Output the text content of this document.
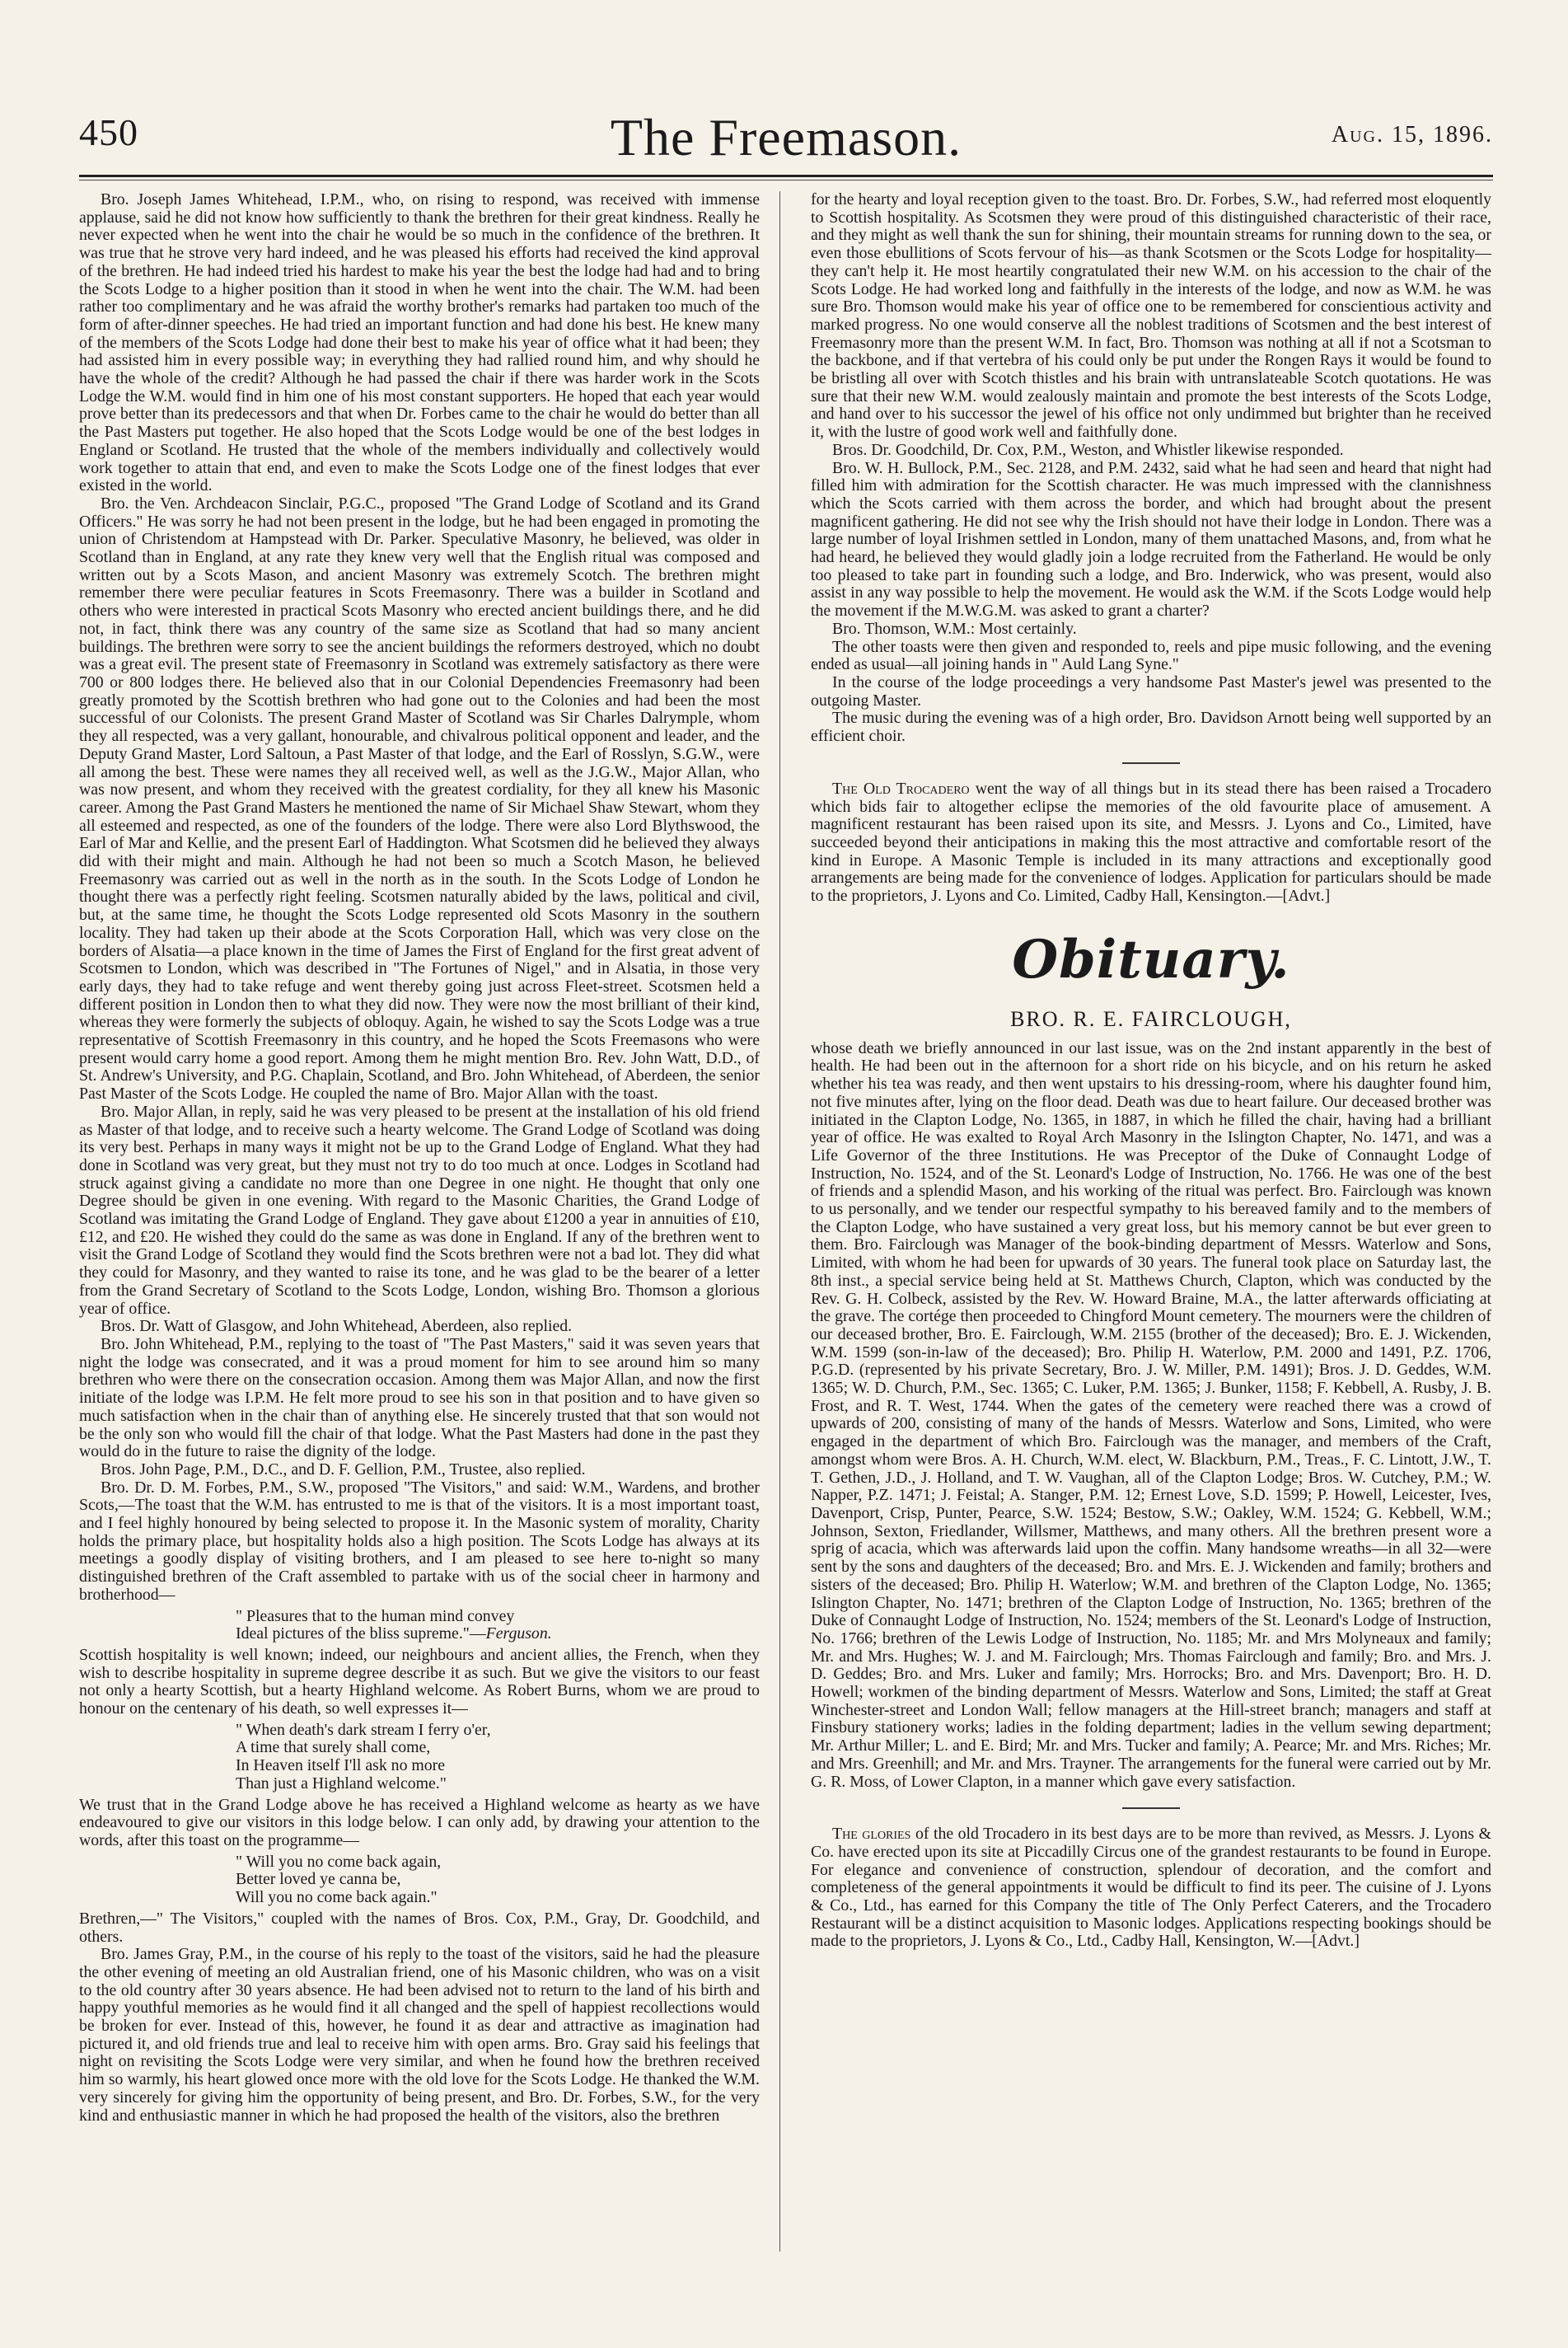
450	The Freemason.	Aug. 15, 1896.

Bro. Joseph James Whitehead, I.P.M., who, on rising to respond, was received with immense applause, said he did not know how sufficiently to thank the brethren for their great kindness. Really he never expected when he went into the chair he would be so much in the confidence of the brethren. It was true that he strove very hard indeed, and he was pleased his efforts had received the kind approval of the brethren. He had indeed tried his hardest to make his year the best the lodge had had and to bring the Scots Lodge to a higher position than it stood in when he went into the chair. The W.M. had been rather too complimentary and he was afraid the worthy brother's remarks had partaken too much of the form of after-dinner speeches. He had tried an important function and had done his best. He knew many of the members of the Scots Lodge had done their best to make his year of office what it had been; they had assisted him in every possible way; in everything they had rallied round him, and why should he have the whole of the credit? Although he had passed the chair if there was harder work in the Scots Lodge the W.M. would find in him one of his most constant supporters. He hoped that each year would prove better than its predecessors and that when Dr. Forbes came to the chair he would do better than all the Past Masters put together. He also hoped that the Scots Lodge would be one of the best lodges in England or Scotland. He trusted that the whole of the members individually and collectively would work together to attain that end, and even to make the Scots Lodge one of the finest lodges that ever existed in the world.

Bro. the Ven. Archdeacon Sinclair, P.G.C., proposed "The Grand Lodge of Scotland and its Grand Officers." He was sorry he had not been present in the lodge, but he had been engaged in promoting the union of Christendom at Hampstead with Dr. Parker. Speculative Masonry, he believed, was older in Scotland than in England, at any rate they knew very well that the English ritual was composed and written out by a Scots Mason, and ancient Masonry was extremely Scotch. The brethren might remember there were peculiar features in Scots Freemasonry. There was a builder in Scotland and others who were interested in practical Scots Masonry who erected ancient buildings there, and he did not, in fact, think there was any country of the same size as Scotland that had so many ancient buildings. The brethren were sorry to see the ancient buildings the reformers destroyed, which no doubt was a great evil. The present state of Freemasonry in Scotland was extremely satisfactory as there were 700 or 800 lodges there. He believed also that in our Colonial Dependencies Freemasonry had been greatly promoted by the Scottish brethren who had gone out to the Colonies and had been the most successful of our Colonists. The present Grand Master of Scotland was Sir Charles Dalrymple, whom they all respected, was a very gallant, honourable, and chivalrous political opponent and leader, and the Deputy Grand Master, Lord Saltoun, a Past Master of that lodge, and the Earl of Rosslyn, S.G.W., were all among the best. These were names they all received well, as well as the J.G.W., Major Allan, who was now present, and whom they received with the greatest cordiality, for they all knew his Masonic career. Among the Past Grand Masters he mentioned the name of Sir Michael Shaw Stewart, whom they all esteemed and respected, as one of the founders of the lodge. There were also Lord Blythswood, the Earl of Mar and Kellie, and the present Earl of Haddington. What Scotsmen did he believed they always did with their might and main. Although he had not been so much a Scotch Mason, he believed Freemasonry was carried out as well in the north as in the south. In the Scots Lodge of London he thought there was a perfectly right feeling. Scotsmen naturally abided by the laws, political and civil, but, at the same time, he thought the Scots Lodge represented old Scots Masonry in the southern locality. They had taken up their abode at the Scots Corporation Hall, which was very close on the borders of Alsatia—a place known in the time of James the First of England for the first great advent of Scotsmen to London, which was described in "The Fortunes of Nigel," and in Alsatia, in those very early days, they had to take refuge and went thereby going just across Fleet-street. Scotsmen held a different position in London then to what they did now. They were now the most brilliant of their kind, whereas they were formerly the subjects of obloquy. Again, he wished to say the Scots Lodge was a true representative of Scottish Freemasonry in this country, and he hoped the Scots Freemasons who were present would carry home a good report. Among them he might mention Bro. Rev. John Watt, D.D., of St. Andrew's University, and P.G. Chaplain, Scotland, and Bro. John Whitehead, of Aberdeen, the senior Past Master of the Scots Lodge. He coupled the name of Bro. Major Allan with the toast.

Bro. Major Allan, in reply, said he was very pleased to be present at the installation of his old friend as Master of that lodge, and to receive such a hearty welcome. The Grand Lodge of Scotland was doing its very best. Perhaps in many ways it might not be up to the Grand Lodge of England. What they had done in Scotland was very great, but they must not try to do too much at once. Lodges in Scotland had struck against giving a candidate no more than one Degree in one night. He thought that only one Degree should be given in one evening. With regard to the Masonic Charities, the Grand Lodge of Scotland was imitating the Grand Lodge of England. They gave about £1200 a year in annuities of £10, £12, and £20. He wished they could do the same as was done in England. If any of the brethren went to visit the Grand Lodge of Scotland they would find the Scots brethren were not a bad lot. They did what they could for Masonry, and they wanted to raise its tone, and he was glad to be the bearer of a letter from the Grand Secretary of Scotland to the Scots Lodge, London, wishing Bro. Thomson a glorious year of office.

Bros. Dr. Watt of Glasgow, and John Whitehead, Aberdeen, also replied.

Bro. John Whitehead, P.M., replying to the toast of "The Past Masters," said it was seven years that night the lodge was consecrated, and it was a proud moment for him to see around him so many brethren who were there on the consecration occasion. Among them was Major Allan, and now the first initiate of the lodge was I.P.M. He felt more proud to see his son in that position and to have given so much satisfaction when in the chair than of anything else. He sincerely trusted that that son would not be the only son who would fill the chair of that lodge. What the Past Masters had done in the past they would do in the future to raise the dignity of the lodge.

Bros. John Page, P.M., D.C., and D. F. Gellion, P.M., Trustee, also replied.

Bro. Dr. D. M. Forbes, P.M., S.W., proposed "The Visitors," and said: W.M., Wardens, and brother Scots,—The toast that the W.M. has entrusted to me is that of the visitors. It is a most important toast, and I feel highly honoured by being selected to propose it. In the Masonic system of morality, Charity holds the primary place, but hospitality holds also a high position. The Scots Lodge has always at its meetings a goodly display of visiting brothers, and I am pleased to see here to-night so many distinguished brethren of the Craft assembled to partake with us of the social cheer in harmony and brotherhood—

" Pleasures that to the human mind convey
Ideal pictures of the bliss supreme."—Ferguson.

Scottish hospitality is well known; indeed, our neighbours and ancient allies, the French, when they wish to describe hospitality in supreme degree describe it as such. But we give the visitors to our feast not only a hearty Scottish, but a hearty Highland welcome. As Robert Burns, whom we are proud to honour on the centenary of his death, so well expresses it—

" When death's dark stream I ferry o'er,
A time that surely shall come,
In Heaven itself I'll ask no more
Than just a Highland welcome."

We trust that in the Grand Lodge above he has received a Highland welcome as hearty as we have endeavoured to give our visitors in this lodge below. I can only add, by drawing your attention to the words, after this toast on the programme—

" Will you no come back again,
Better loved ye canna be,
Will you no come back again."

Brethren,—" The Visitors," coupled with the names of Bros. Cox, P.M., Gray, Dr. Goodchild, and others.

Bro. James Gray, P.M., in the course of his reply to the toast of the visitors, said he had the pleasure the other evening of meeting an old Australian friend, one of his Masonic children, who was on a visit to the old country after 30 years absence. He had been advised not to return to the land of his birth and happy youthful memories as he would find it all changed and the spell of happiest recollections would be broken for ever. Instead of this, however, he found it as dear and attractive as imagination had pictured it, and old friends true and leal to receive him with open arms. Bro. Gray said his feelings that night on revisiting the Scots Lodge were very similar, and when he found how the brethren received him so warmly, his heart glowed once more with the old love for the Scots Lodge. He thanked the W.M. very sincerely for giving him the opportunity of being present, and Bro. Dr. Forbes, S.W., for the very kind and enthusiastic manner in which he had proposed the health of the visitors, also the brethren

for the hearty and loyal reception given to the toast. Bro. Dr. Forbes, S.W., had referred most eloquently to Scottish hospitality. As Scotsmen they were proud of this distinguished characteristic of their race, and they might as well thank the sun for shining, their mountain streams for running down to the sea, or even those ebullitions of Scots fervour of his—as thank Scotsmen or the Scots Lodge for hospitality—they can't help it. He most heartily congratulated their new W.M. on his accession to the chair of the Scots Lodge. He had worked long and faithfully in the interests of the lodge, and now as W.M. he was sure Bro. Thomson would make his year of office one to be remembered for conscientious activity and marked progress. No one would conserve all the noblest traditions of Scotsmen and the best interest of Freemasonry more than the present W.M. In fact, Bro. Thomson was nothing at all if not a Scotsman to the backbone, and if that vertebra of his could only be put under the Rongen Rays it would be found to be bristling all over with Scotch thistles and his brain with untranslateable Scotch quotations. He was sure that their new W.M. would zealously maintain and promote the best interests of the Scots Lodge, and hand over to his successor the jewel of his office not only undimmed but brighter than he received it, with the lustre of good work well and faithfully done.

Bros. Dr. Goodchild, Dr. Cox, P.M., Weston, and Whistler likewise responded.

Bro. W. H. Bullock, P.M., Sec. 2128, and P.M. 2432, said what he had seen and heard that night had filled him with admiration for the Scottish character. He was much impressed with the clannishness which the Scots carried with them across the border, and which had brought about the present magnificent gathering. He did not see why the Irish should not have their lodge in London. There was a large number of loyal Irishmen settled in London, many of them unattached Masons, and, from what he had heard, he believed they would gladly join a lodge recruited from the Fatherland. He would be only too pleased to take part in founding such a lodge, and Bro. Inderwick, who was present, would also assist in any way possible to help the movement. He would ask the W.M. if the Scots Lodge would help the movement if the M.W.G.M. was asked to grant a charter?

Bro. Thomson, W.M.: Most certainly.

The other toasts were then given and responded to, reels and pipe music following, and the evening ended as usual—all joining hands in " Auld Lang Syne."

In the course of the lodge proceedings a very handsome Past Master's jewel was presented to the outgoing Master.

The music during the evening was of a high order, Bro. Davidson Arnott being well supported by an efficient choir.

The Old Trocadero went the way of all things but in its stead there has been raised a Trocadero which bids fair to altogether eclipse the memories of the old favourite place of amusement. A magnificent restaurant has been raised upon its site, and Messrs. J. Lyons and Co., Limited, have succeeded beyond their anticipations in making this the most attractive and comfortable resort of the kind in Europe. A Masonic Temple is included in its many attractions and exceptionally good arrangements are being made for the convenience of lodges. Application for particulars should be made to the proprietors, J. Lyons and Co. Limited, Cadby Hall, Kensington.—[Advt.]

Obituary.
BRO. R. E. FAIRCLOUGH,

whose death we briefly announced in our last issue, was on the 2nd instant apparently in the best of health. He had been out in the afternoon for a short ride on his bicycle, and on his return he asked whether his tea was ready, and then went upstairs to his dressing-room, where his daughter found him, not five minutes after, lying on the floor dead. Death was due to heart failure. Our deceased brother was initiated in the Clapton Lodge, No. 1365, in 1887, in which he filled the chair, having had a brilliant year of office. He was exalted to Royal Arch Masonry in the Islington Chapter, No. 1471, and was a Life Governor of the three Institutions. He was Preceptor of the Duke of Connaught Lodge of Instruction, No. 1524, and of the St. Leonard's Lodge of Instruction, No. 1766. He was one of the best of friends and a splendid Mason, and his working of the ritual was perfect. Bro. Fairclough was known to us personally, and we tender our respectful sympathy to his bereaved family and to the members of the Clapton Lodge, who have sustained a very great loss, but his memory cannot be but ever green to them. Bro. Fairclough was Manager of the book-binding department of Messrs. Waterlow and Sons, Limited, with whom he had been for upwards of 30 years. The funeral took place on Saturday last, the 8th inst., a special service being held at St. Matthews Church, Clapton, which was conducted by the Rev. G. H. Colbeck, assisted by the Rev. W. Howard Braine, M.A., the latter afterwards officiating at the grave. The cortége then proceeded to Chingford Mount cemetery. The mourners were the children of our deceased brother, Bro. E. Fairclough, W.M. 2155 (brother of the deceased); Bro. E. J. Wickenden, W.M. 1599 (son-in-law of the deceased); Bro. Philip H. Waterlow, P.M. 2000 and 1491, P.Z. 1706, P.G.D. (represented by his private Secretary, Bro. J. W. Miller, P.M. 1491); Bros. J. D. Geddes, W.M. 1365; W. D. Church, P.M., Sec. 1365; C. Luker, P.M. 1365; J. Bunker, 1158; F. Kebbell, A. Rusby, J. B. Frost, and R. T. West, 1744. When the gates of the cemetery were reached there was a crowd of upwards of 200, consisting of many of the hands of Messrs. Waterlow and Sons, Limited, who were engaged in the department of which Bro. Fairclough was the manager, and members of the Craft, amongst whom were Bros. A. H. Church, W.M. elect, W. Blackburn, P.M., Treas., F. C. Lintott, J.W., T. T. Gethen, J.D., J. Holland, and T. W. Vaughan, all of the Clapton Lodge; Bros. W. Cutchey, P.M.; W. Napper, P.Z. 1471; J. Feistal; A. Stanger, P.M. 12; Ernest Love, S.D. 1599; P. Howell, Leicester, Ives, Davenport, Crisp, Punter, Pearce, S.W. 1524; Bestow, S.W.; Oakley, W.M. 1524; G. Kebbell, W.M.; Johnson, Sexton, Friedlander, Willsmer, Matthews, and many others. All the brethren present wore a sprig of acacia, which was afterwards laid upon the coffin. Many handsome wreaths—in all 32—were sent by the sons and daughters of the deceased; Bro. and Mrs. E. J. Wickenden and family; brothers and sisters of the deceased; Bro. Philip H. Waterlow; W.M. and brethren of the Clapton Lodge, No. 1365; Islington Chapter, No. 1471; brethren of the Clapton Lodge of Instruction, No. 1365; brethren of the Duke of Connaught Lodge of Instruction, No. 1524; members of the St. Leonard's Lodge of Instruction, No. 1766; brethren of the Lewis Lodge of Instruction, No. 1185; Mr. and Mrs Molyneaux and family; Mr. and Mrs. Hughes; W. J. and M. Fairclough; Mrs. Thomas Fairclough and family; Bro. and Mrs. J. D. Geddes; Bro. and Mrs. Luker and family; Mrs. Horrocks; Bro. and Mrs. Davenport; Bro. H. D. Howell; workmen of the binding department of Messrs. Waterlow and Sons, Limited; the staff at Great Winchester-street and London Wall; fellow managers at the Hill-street branch; managers and staff at Finsbury stationery works; ladies in the folding department; ladies in the vellum sewing department; Mr. Arthur Miller; L. and E. Bird; Mr. and Mrs. Tucker and family; A. Pearce; Mr. and Mrs. Riches; Mr. and Mrs. Greenhill; and Mr. and Mrs. Trayner. The arrangements for the funeral were carried out by Mr. G. R. Moss, of Lower Clapton, in a manner which gave every satisfaction.

The glories of the old Trocadero in its best days are to be more than revived, as Messrs. J. Lyons & Co. have erected upon its site at Piccadilly Circus one of the grandest restaurants to be found in Europe. For elegance and convenience of construction, splendour of decoration, and the comfort and completeness of the general appointments it would be difficult to find its peer. The cuisine of J. Lyons & Co., Ltd., has earned for this Company the title of The Only Perfect Caterers, and the Trocadero Restaurant will be a distinct acquisition to Masonic lodges. Applications respecting bookings should be made to the proprietors, J. Lyons & Co., Ltd., Cadby Hall, Kensington, W.—[Advt.]
